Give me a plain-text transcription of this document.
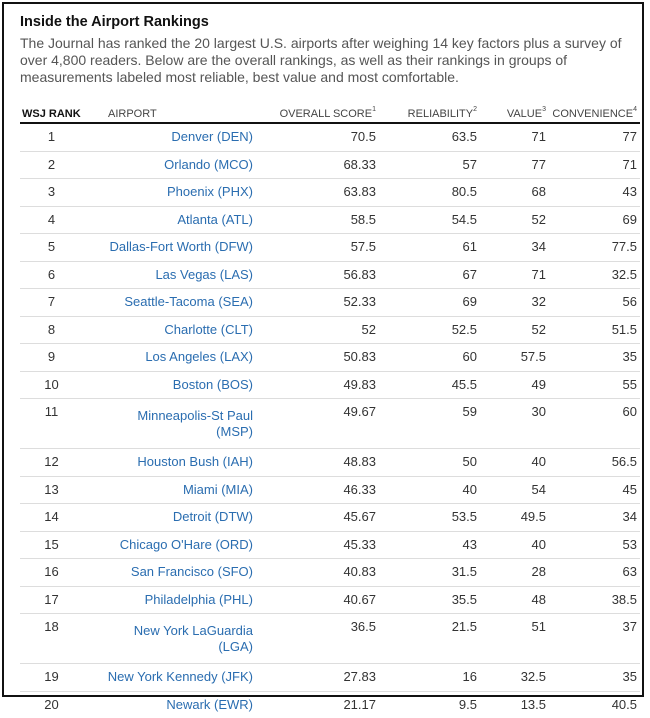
Inside the Airport Rankings

The Journal has ranked the 20 largest U.S. airports after weighing 14 key factors plus a survey of over 4,800 readers. Below are the overall rankings, as well as their rankings in groups of measurements labeled most reliable, best value and most comfortable.

WSJ RANK	AIRPORT	OVERALL SCORE$^1$	RELIABILITY$^2$	VALUE$^3$	CONVENIENCE$^4$
1	Denver (DEN)	70.5	63.5	71	77
2	Orlando (MCO)	68.33	57	77	71
3	Phoenix (PHX)	63.83	80.5	68	43
4	Atlanta (ATL)	58.5	54.5	52	69
5	Dallas-Fort Worth (DFW)	57.5	61	34	77.5
6	Las Vegas (LAS)	56.83	67	71	32.5
7	Seattle-Tacoma (SEA)	52.33	69	32	56
8	Charlotte (CLT)	52	52.5	52	51.5
9	Los Angeles (LAX)	50.83	60	57.5	35
10	Boston (BOS)	49.83	45.5	49	55
11	Minneapolis-St Paul (MSP)	49.67	59	30	60
12	Houston Bush (IAH)	48.83	50	40	56.5
13	Miami (MIA)	46.33	40	54	45
14	Detroit (DTW)	45.67	53.5	49.5	34
15	Chicago O'Hare (ORD)	45.33	43	40	53
16	San Francisco (SFO)	40.83	31.5	28	63
17	Philadelphia (PHL)	40.67	35.5	48	38.5
18	New York LaGuardia (LGA)	36.5	21.5	51	37
19	New York Kennedy (JFK)	27.83	16	32.5	35
20	Newark (EWR)	21.17	9.5	13.5	40.5
